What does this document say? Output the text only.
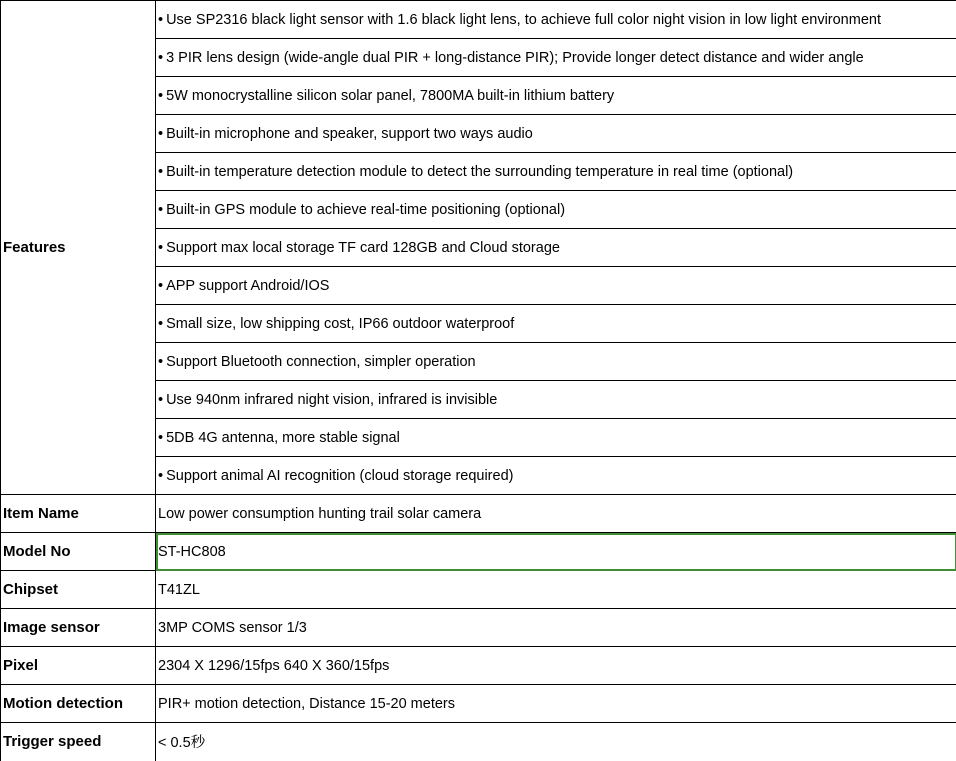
Features	• Use SP2316 black light sensor with 1.6 black light lens, to achieve full color night vision in low light environment
	• 3 PIR lens design (wide-angle dual PIR + long-distance PIR); Provide longer detect distance and wider angle
	• 5W monocrystalline silicon solar panel, 7800MA built-in lithium battery
	• Built-in microphone and speaker, support two ways audio
	• Built-in temperature detection module to detect the surrounding temperature in real time (optional)
	• Built-in GPS module to achieve real-time positioning (optional)
	• Support max local storage TF card 128GB and Cloud storage
	• APP support Android/IOS
	• Small size, low shipping cost, IP66 outdoor waterproof
	• Support Bluetooth connection, simpler operation
	• Use 940nm infrared night vision, infrared is invisible
	• 5DB 4G antenna, more stable signal
	• Support animal AI recognition (cloud storage required)
Item Name	Low power consumption hunting trail solar camera
Model No	ST-HC808
Chipset	T41ZL
Image sensor	3MP COMS sensor 1/3
Pixel	2304 X 1296/15fps 640 X 360/15fps
Motion detection	PIR+ motion detection, Distance 15-20 meters
Trigger speed	< 0.5秒
